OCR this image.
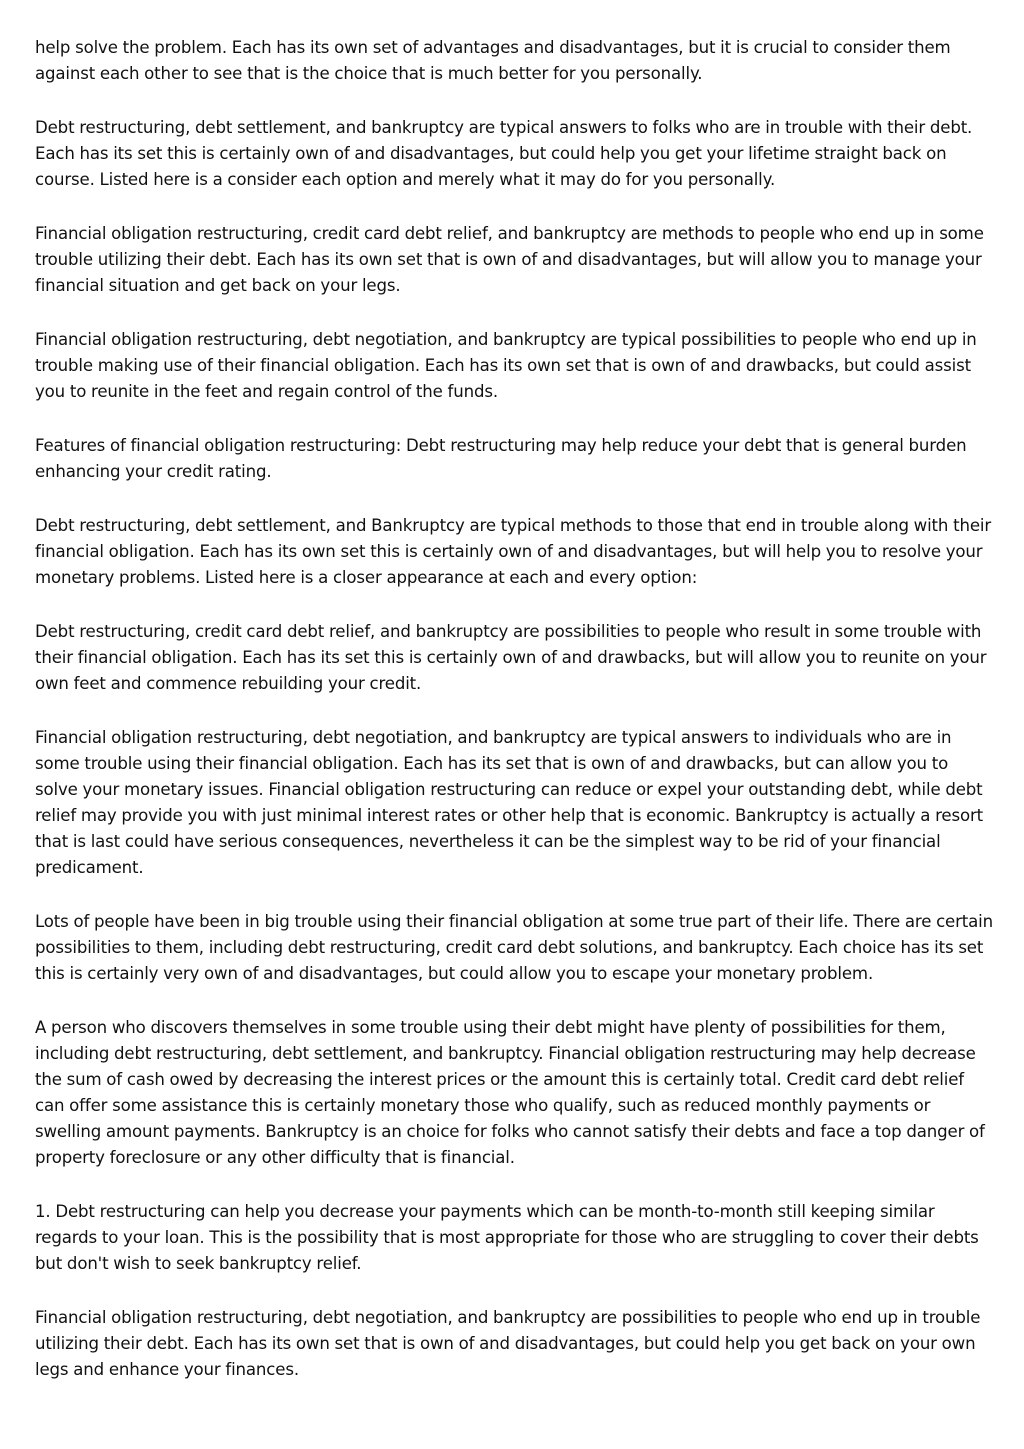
help solve the problem. Each has its own set of advantages and disadvantages, but it is crucial to consider them against each other to see that is the choice that is much better for you personally.

Debt restructuring, debt settlement, and bankruptcy are typical answers to folks who are in trouble with their debt. Each has its set this is certainly own of and disadvantages, but could help you get your lifetime straight back on course. Listed here is a consider each option and merely what it may do for you personally.

Financial obligation restructuring, credit card debt relief, and bankruptcy are methods to people who end up in some trouble utilizing their debt. Each has its own set that is own of and disadvantages, but will allow you to manage your financial situation and get back on your legs.

Financial obligation restructuring, debt negotiation, and bankruptcy are typical possibilities to people who end up in trouble making use of their financial obligation. Each has its own set that is own of and drawbacks, but could assist you to reunite in the feet and regain control of the funds.

Features of financial obligation restructuring: Debt restructuring may help reduce your debt that is general burden enhancing your credit rating.

Debt restructuring, debt settlement, and Bankruptcy are typical methods to those that end in trouble along with their financial obligation. Each has its own set this is certainly own of and disadvantages, but will help you to resolve your monetary problems. Listed here is a closer appearance at each and every option:

Debt restructuring, credit card debt relief, and bankruptcy are possibilities to people who result in some trouble with their financial obligation. Each has its set this is certainly own of and drawbacks, but will allow you to reunite on your own feet and commence rebuilding your credit.

Financial obligation restructuring, debt negotiation, and bankruptcy are typical answers to individuals who are in some trouble using their financial obligation. Each has its set that is own of and drawbacks, but can allow you to solve your monetary issues. Financial obligation restructuring can reduce or expel your outstanding debt, while debt relief may provide you with just minimal interest rates or other help that is economic. Bankruptcy is actually a resort that is last could have serious consequences, nevertheless it can be the simplest way to be rid of your financial predicament.

Lots of people have been in big trouble using their financial obligation at some true part of their life. There are certain possibilities to them, including debt restructuring, credit card debt solutions, and bankruptcy. Each choice has its set this is certainly very own of and disadvantages, but could allow you to escape your monetary problem.

A person who discovers themselves in some trouble using their debt might have plenty of possibilities for them, including debt restructuring, debt settlement, and bankruptcy. Financial obligation restructuring may help decrease the sum of cash owed by decreasing the interest prices or the amount this is certainly total. Credit card debt relief can offer some assistance this is certainly monetary those who qualify, such as reduced monthly payments or swelling amount payments. Bankruptcy is an choice for folks who cannot satisfy their debts and face a top danger of property foreclosure or any other difficulty that is financial.

1. Debt restructuring can help you decrease your payments which can be month-to-month still keeping similar regards to your loan. This is the possibility that is most appropriate for those who are struggling to cover their debts but don't wish to seek bankruptcy relief.

Financial obligation restructuring, debt negotiation, and bankruptcy are possibilities to people who end up in trouble utilizing their debt. Each has its own set that is own of and disadvantages, but could help you get back on your own legs and enhance your finances.
